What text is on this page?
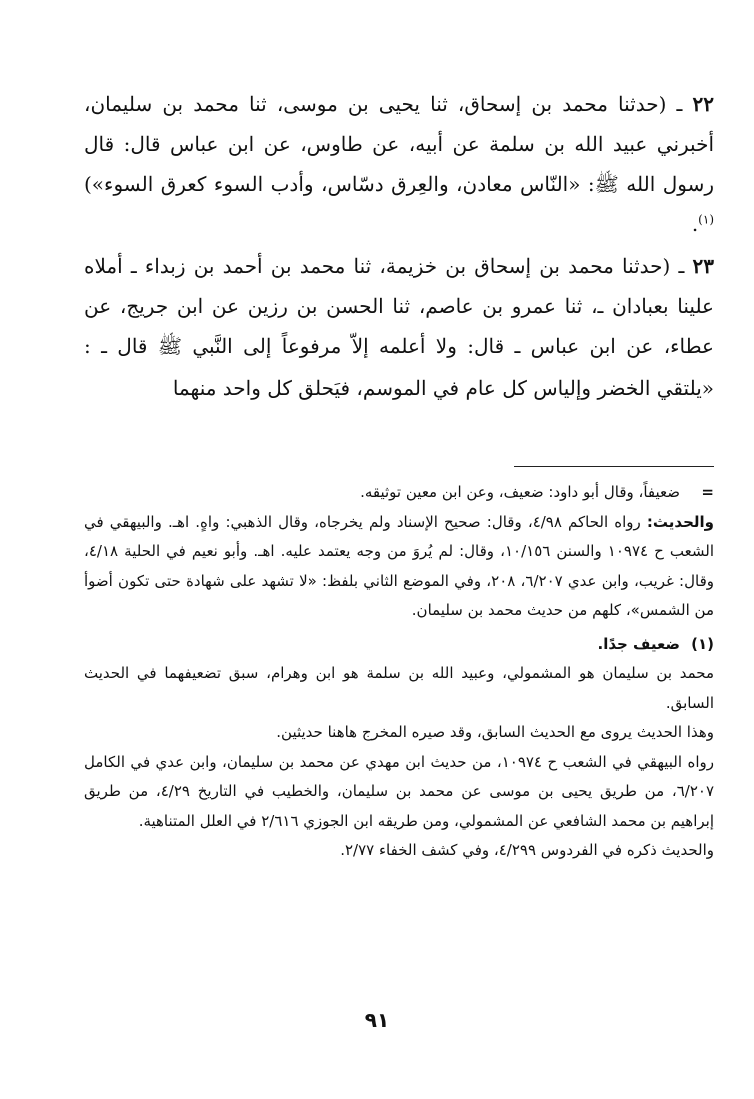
٢٢ ـ (حدثنا محمد بن إسحاق، ثنا يحيى بن موسى، ثنا محمد بن سليمان، أخبرني عبيد الله بن سلمة عن أبيه، عن طاوس، عن ابن عباس قال: قال رسول الله ﷺ: «النّاس معادن، والعِرق دسّاس، وأدب السوء كعرق السوء»)$^{(١)}$.

٢٣ ـ (حدثنا محمد بن إسحاق بن خزيمة، ثنا محمد بن أحمد بن زبداء ـ أملاه علينا بعبادان ـ، ثنا عمرو بن عاصم، ثنا الحسن بن رزين عن ابن جريج، عن عطاء، عن ابن عباس ـ قال: ولا أعلمه إلاّ مرفوعاً إلى النَّبي ﷺ قال ـ :

«يلتقي الخضر وإلياس كل عام في الموسم، فيَحلق كل واحد منهما

=
ضعيفاً، وقال أبو داود: ضعيف، وعن ابن معين توثيقه.

والحديث: رواه الحاكم ٤/٩٨، وقال: صحيح الإسناد ولم يخرجاه، وقال الذهبي: واهٍ. اهـ. والبيهقي في الشعب ح ١٠٩٧٤ والسنن ١٠/١٥٦، وقال: لم يُروَ من وجه يعتمد عليه. اهـ. وأبو نعيم في الحلية ٤/١٨، وقال: غريب، وابن عدي ٦/٢٠٧، ٢٠٨، وفي الموضع الثاني بلفظ: «لا تشهد على شهادة حتى تكون أضوأ من الشمس»، كلهم من حديث محمد بن سليمان.

(١)
ضعيف جدًا.

محمد بن سليمان هو المشمولي، وعبيد الله بن سلمة هو ابن وهرام، سبق تضعيفهما في الحديث السابق.

وهذا الحديث يروى مع الحديث السابق، وقد صيره المخرج هاهنا حديثين.

رواه البيهقي في الشعب ح ١٠٩٧٤، من حديث ابن مهدي عن محمد بن سليمان، وابن عدي في الكامل ٦/٢٠٧، من طريق يحيى بن موسى عن محمد بن سليمان، والخطيب في التاريخ ٤/٢٩، من طريق إبراهيم بن محمد الشافعي عن المشمولي، ومن طريقه ابن الجوزي ٢/٦١٦ في العلل المتناهية.

والحديث ذكره في الفردوس ٤/٢٩٩، وفي كشف الخفاء ٢/٧٧.

٩١
